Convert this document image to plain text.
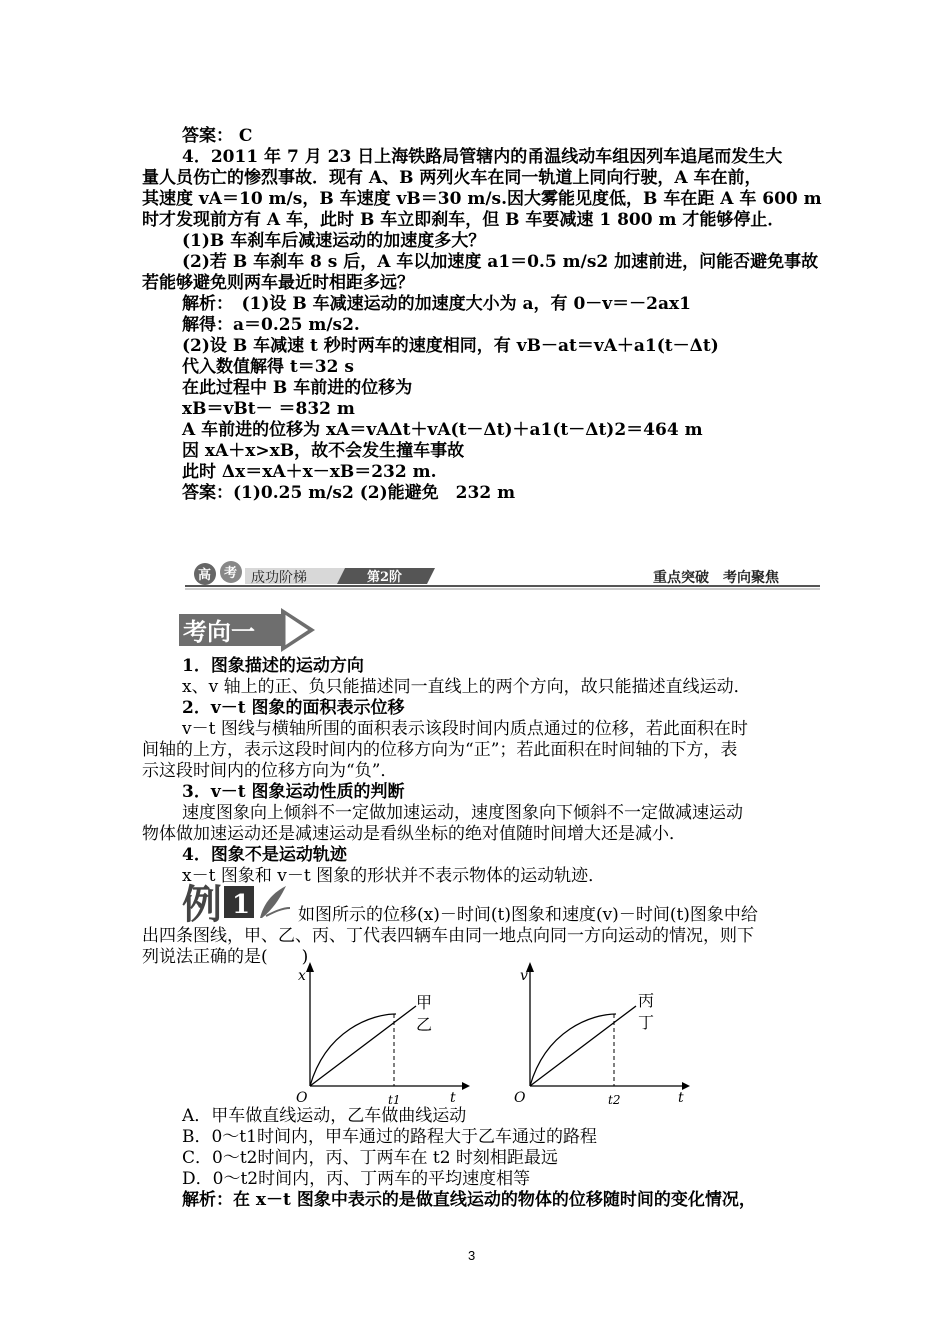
答案： C
4．2011 年 7 月 23 日上海铁路局管辖内的甬温线动车组因列车追尾而发生大
量人员伤亡的惨烈事故．现有 A、B 两列火车在同一轨道上同向行驶，A 车在前，
其速度 vA＝10 m/s，B 车速度 vB＝30 m/s.因大雾能见度低，B 车在距 A 车 600 m
时才发现前方有 A 车，此时 B 车立即刹车，但 B 车要减速 1 800 m 才能够停止．
(1)B 车刹车后减速运动的加速度多大？
(2)若 B 车刹车 8 s 后，A 车以加速度 a1＝0.5 m/s2 加速前进，问能否避免事故
若能够避免则两车最近时相距多远？
解析：　(1)设 B 车减速运动的加速度大小为 a，有 0－v＝－2ax1
解得：a＝0.25 m/s2.
(2)设 B 车减速 t 秒时两车的速度相同，有 vB－at＝vA＋a1(t－Δt)
代入数值解得 t＝32 s
在此过程中 B 车前进的位移为
xB＝vBt－ ＝832 m
A 车前进的位移为 xA＝vAΔt＋vA(t－Δt)＋a1(t－Δt)2＝464 m
因 xA＋x>xB，故不会发生撞车事故
此时 Δx＝xA＋x－xB＝232 m.
答案：(1)0.25 m/s2 (2)能避免　232 m
高 考 成功阶梯	第2阶	重点突破　考向聚焦
考向一
1．图象描述的运动方向
x、v 轴上的正、负只能描述同一直线上的两个方向，故只能描述直线运动．
2．v－t 图象的面积表示位移
v－t 图线与横轴所围的面积表示该段时间内质点通过的位移，若此面积在时
间轴的上方，表示这段时间内的位移方向为“正”；若此面积在时间轴的下方，表
示这段时间内的位移方向为“负”．
3．v－t 图象运动性质的判断
速度图象向上倾斜不一定做加速运动，速度图象向下倾斜不一定做减速运动
物体做加速运动还是减速运动是看纵坐标的绝对值随时间增大还是减小．
4．图象不是运动轨迹
x－t 图象和 v－t 图象的形状并不表示物体的运动轨迹．
例 1	如图所示的位移(x)－时间(t)图象和速度(v)－时间(t)图象中给
出四条图线，甲、乙、丙、丁代表四辆车由同一地点向同一方向运动的情况，则下
列说法正确的是(　　)
x
t
O	t1
甲
乙
v
t
O	t2
丙
丁
A．甲车做直线运动，乙车做曲线运动
B．0～t1时间内，甲车通过的路程大于乙车通过的路程
C．0～t2时间内，丙、丁两车在 t2 时刻相距最远
D．0～t2时间内，丙、丁两车的平均速度相等
解析：在 x－t 图象中表示的是做直线运动的物体的位移随时间的变化情况，
3
